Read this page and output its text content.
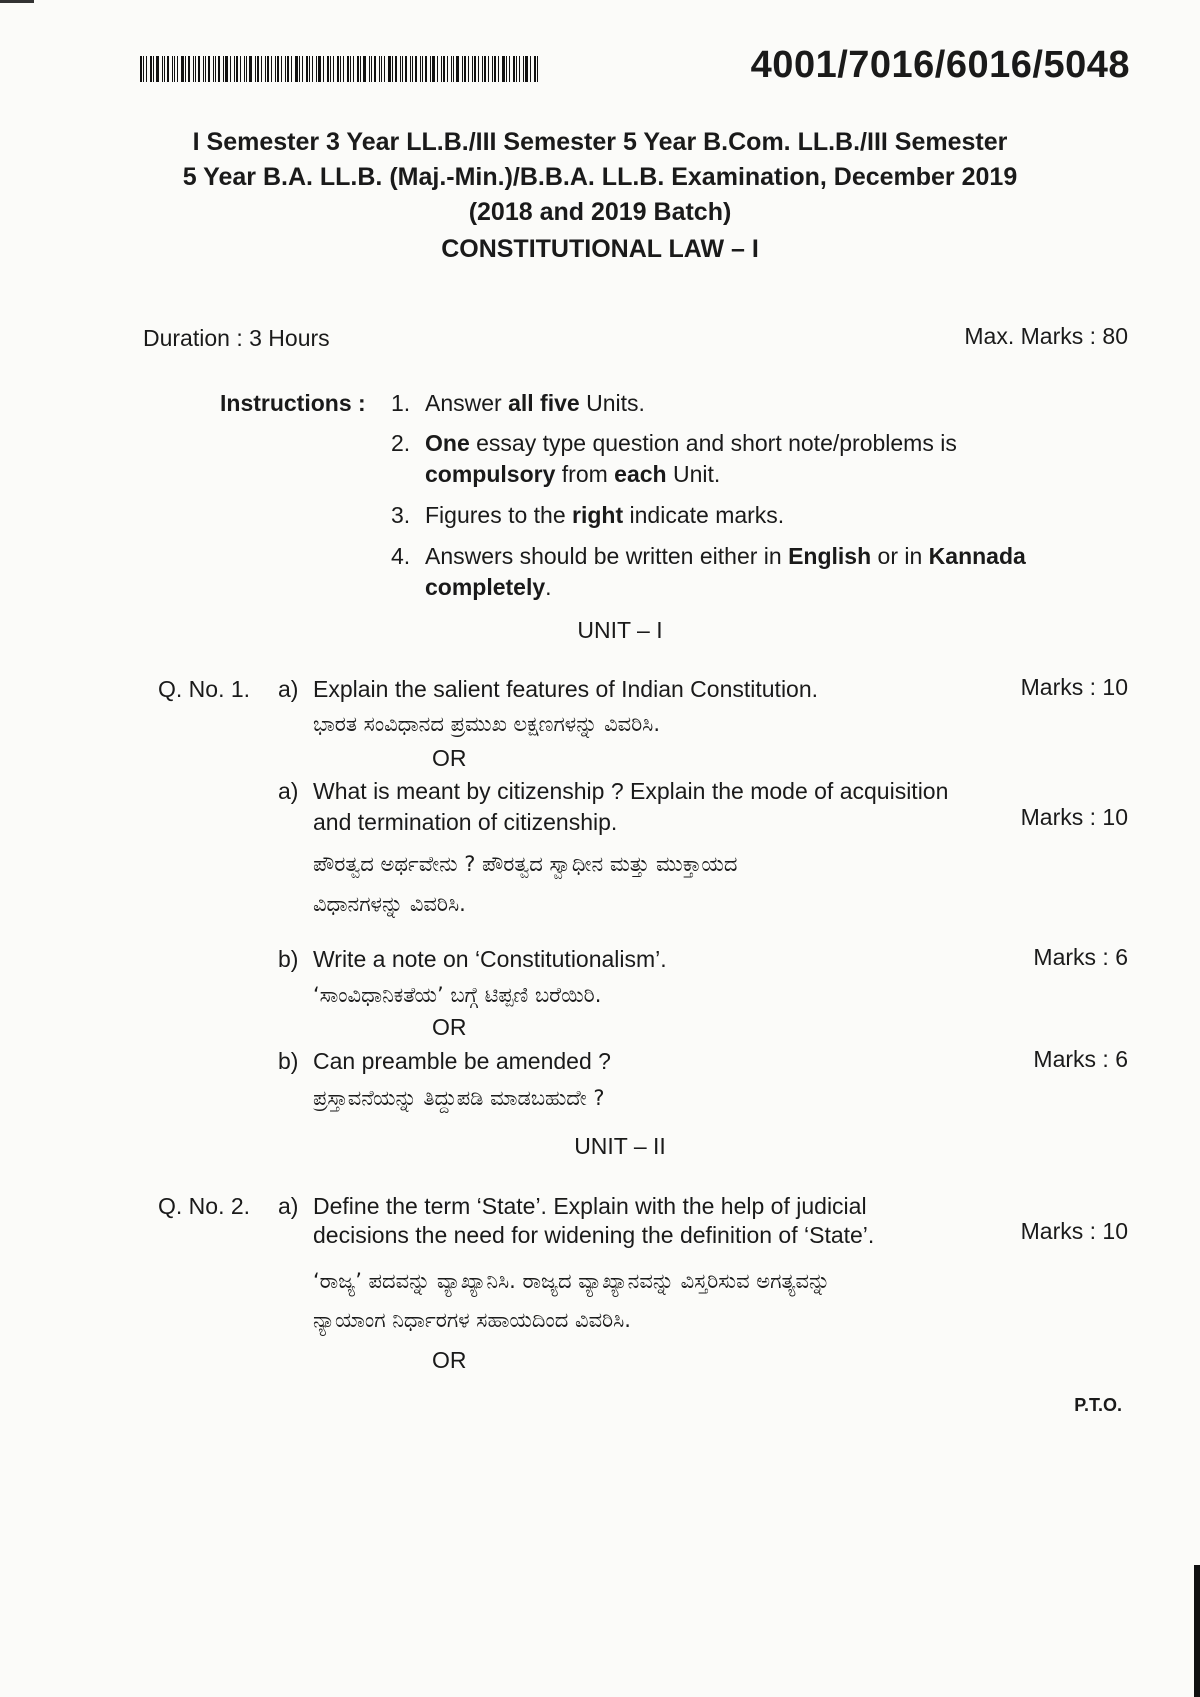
4001/7016/6016/5048
I Semester 3 Year LL.B./III Semester 5 Year B.Com. LL.B./III Semester
5 Year B.A. LL.B. (Maj.-Min.)/B.B.A. LL.B. Examination, December 2019
(2018 and 2019 Batch)
CONSTITUTIONAL LAW – I
Duration : 3 Hours	Max. Marks : 80
Instructions : 1. Answer all five Units.
2. One essay type question and short note/problems is
compulsory from each Unit.
3. Figures to the right indicate marks.
4. Answers should be written either in English or in Kannada
completely.
UNIT – I
Q. No. 1. a) Explain the salient features of Indian Constitution.	Marks : 10
ಭಾರತ ಸಂವಿಧಾನದ ಪ್ರಮುಖ ಲಕ್ಷಣಗಳನ್ನು ವಿವರಿಸಿ.
OR
a) What is meant by citizenship ? Explain the mode of acquisition
and termination of citizenship.	Marks : 10
ಪೌರತ್ವದ ಅರ್ಥವೇನು ? ಪೌರತ್ವದ ಸ್ವಾಧೀನ ಮತ್ತು ಮುಕ್ತಾಯದ
ವಿಧಾನಗಳನ್ನು ವಿವರಿಸಿ.
b) Write a note on ‘Constitutionalism’.	Marks : 6
‘ಸಾಂವಿಧಾನಿಕತೆಯ’ ಬಗ್ಗೆ ಟಿಪ್ಪಣಿ ಬರೆಯಿರಿ.
OR
b) Can preamble be amended ?	Marks : 6
ಪ್ರಸ್ತಾವನೆಯನ್ನು ತಿದ್ದುಪಡಿ ಮಾಡಬಹುದೇ ?
UNIT – II
Q. No. 2. a) Define the term ‘State’. Explain with the help of judicial
decisions the need for widening the definition of ‘State’.	Marks : 10
‘ರಾಜ್ಯ’ ಪದವನ್ನು ವ್ಯಾಖ್ಯಾನಿಸಿ. ರಾಜ್ಯದ ವ್ಯಾಖ್ಯಾನವನ್ನು ವಿಸ್ತರಿಸುವ ಅಗತ್ಯವನ್ನು
ನ್ಯಾಯಾಂಗ ನಿರ್ಧಾರಗಳ ಸಹಾಯದಿಂದ ವಿವರಿಸಿ.
OR
P.T.O.
